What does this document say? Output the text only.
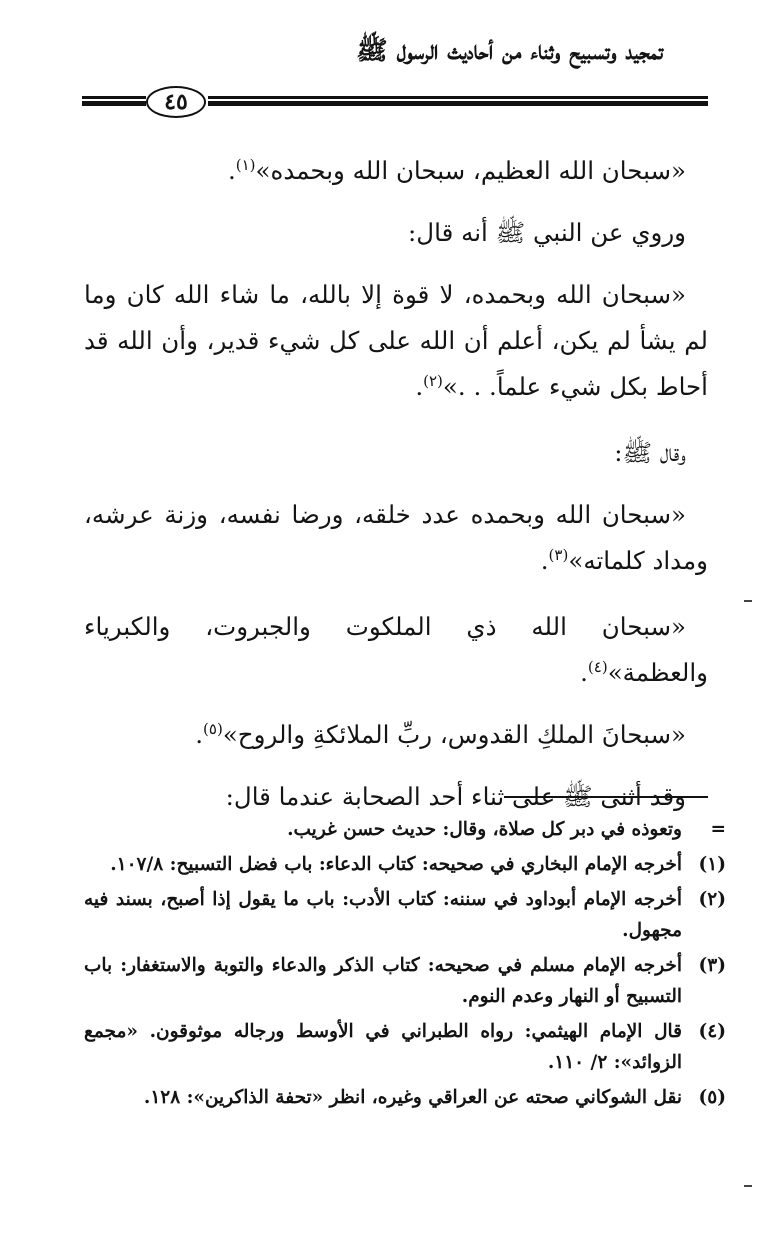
تمجيد وتسبيح وثناء من أحاديث الرسول ﷺ
٤٥

«سبحان الله العظيم، سبحان الله وبحمده»$^{(١)}$.

وروي عن النبي ﷺ أنه قال:

«سبحان الله وبحمده، لا قوة إلا بالله، ما شاء الله كان وما لم يشأ لم يكن، أعلم أن الله على كل شيء قدير، وأن الله قد أحاط بكل شيء علماً. . .»$^{(٢)}$.

وقال ﷺ:

«سبحان الله وبحمده عدد خلقه، ورضا نفسه، وزنة عرشه، ومداد كلماته»$^{(٣)}$.

«سبحان الله ذي الملكوت والجبروت، والكبرياء والعظمة»$^{(٤)}$.

«سبحانَ الملكِ القدوس، ربِّ الملائكةِ والروح»$^{(٥)}$.

وقد أثنى ﷺ على ثناء أحد الصحابة عندما قال:

=
وتعوذه في دبر كل صلاة، وقال: حديث حسن غريب.
(١)
أخرجه الإمام البخاري في صحيحه: كتاب الدعاء: باب فضل التسبيح: ١٠٧/٨.
(٢)
أخرجه الإمام أبوداود في سننه: كتاب الأدب: باب ما يقول إذا أصبح، بسند فيه مجهول.
(٣)
أخرجه الإمام مسلم في صحيحه: كتاب الذكر والدعاء والتوبة والاستغفار: باب التسبيح أو النهار وعدم النوم.
(٤)
قال الإمام الهيثمي: رواه الطبراني في الأوسط ورجاله موثوقون. «مجمع الزوائد»: ٢/ ١١٠.
(٥)
نقل الشوكاني صحته عن العراقي وغيره، انظر «تحفة الذاكرين»: ١٢٨.
